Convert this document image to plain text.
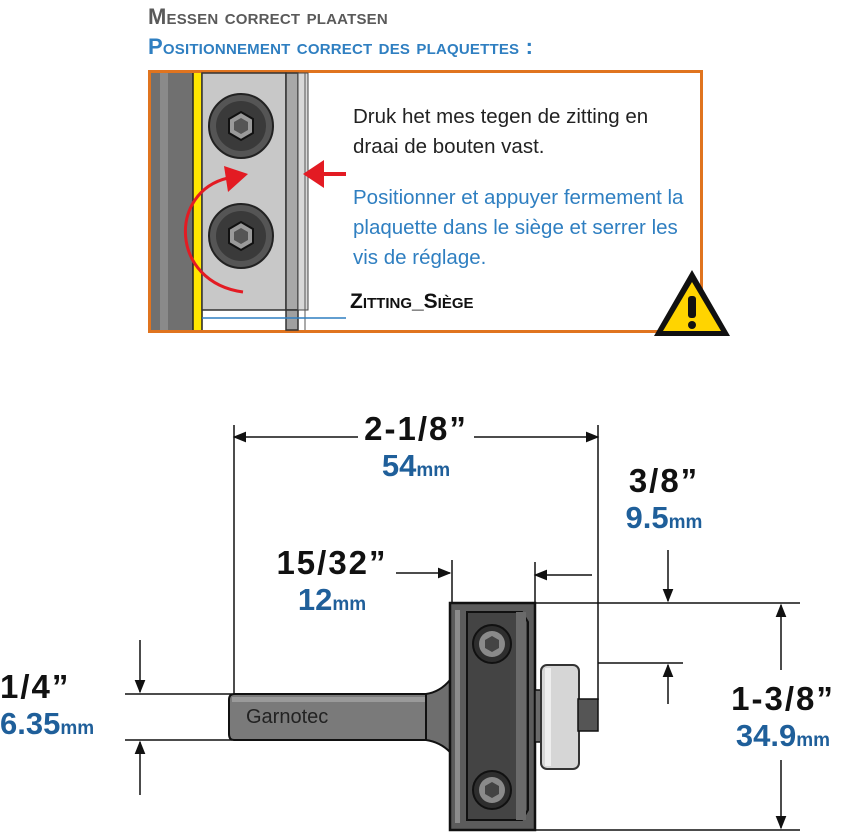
Messen correct plaatsen
Positionnement correct des plaquettes :
Druk het mes tegen de zitting en draai de bouten vast.
Positionner et appuyer fermement la plaquette dans le siège et serrer les vis de réglage.
Zitting_Siège
Garnotec
2-1/8”
54mm	3/8”
9.5mm
15/32”
12mm
1/4”
6.35mm
1-3/8”
34.9mm
